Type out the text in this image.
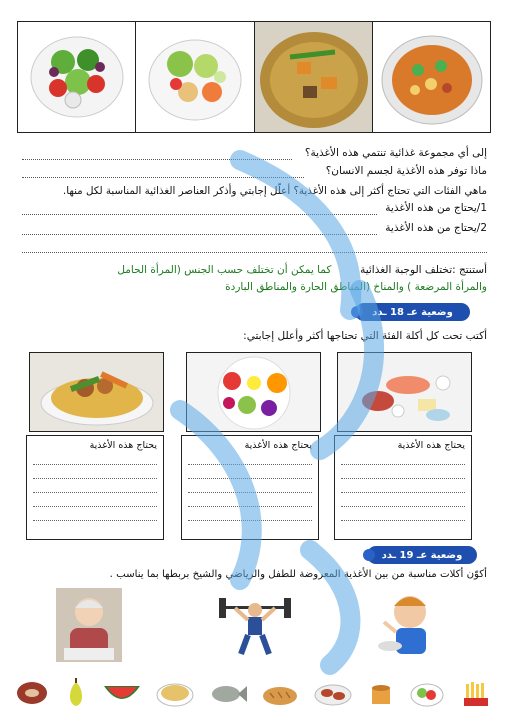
إلى أي مجموعة غذائية تنتمي هذه الأغذية؟
ماذا توفر هذه الأغذية لجسم الانسان؟
ماهي الفئات التي تحتاج أكثر إلى هذه الأغذية؟ أعلّل إجابتي وأذكر العناصر الغذائية المناسبة لكل منها.
1/يحتاج من هذه الأغذية
2/يحتاج من هذه الأغذية
أستنتج :تختلف الوجبة الغذائية  كما يمكن أن تختلف حسب الجنس (المرأة الحامل
والمرأة المرضعة ) والمناخ (المناطق الحارة والمناطق الباردة
وضعية عـ 18 ـدد
أكتب تحت كل أكلة الفئة التي تحتاجها أكثر وأعلل إجابتي:
يحتاج هذه الأغذية	يحتاج هذه الأغذية	يحتاج هذه الأغذية
وضعية عـ 19 ـدد
أكوّن أكلات مناسبة من بين الأغذية المعروضة للطفل والرياضي والشيخ بربطها بما يناسب .
